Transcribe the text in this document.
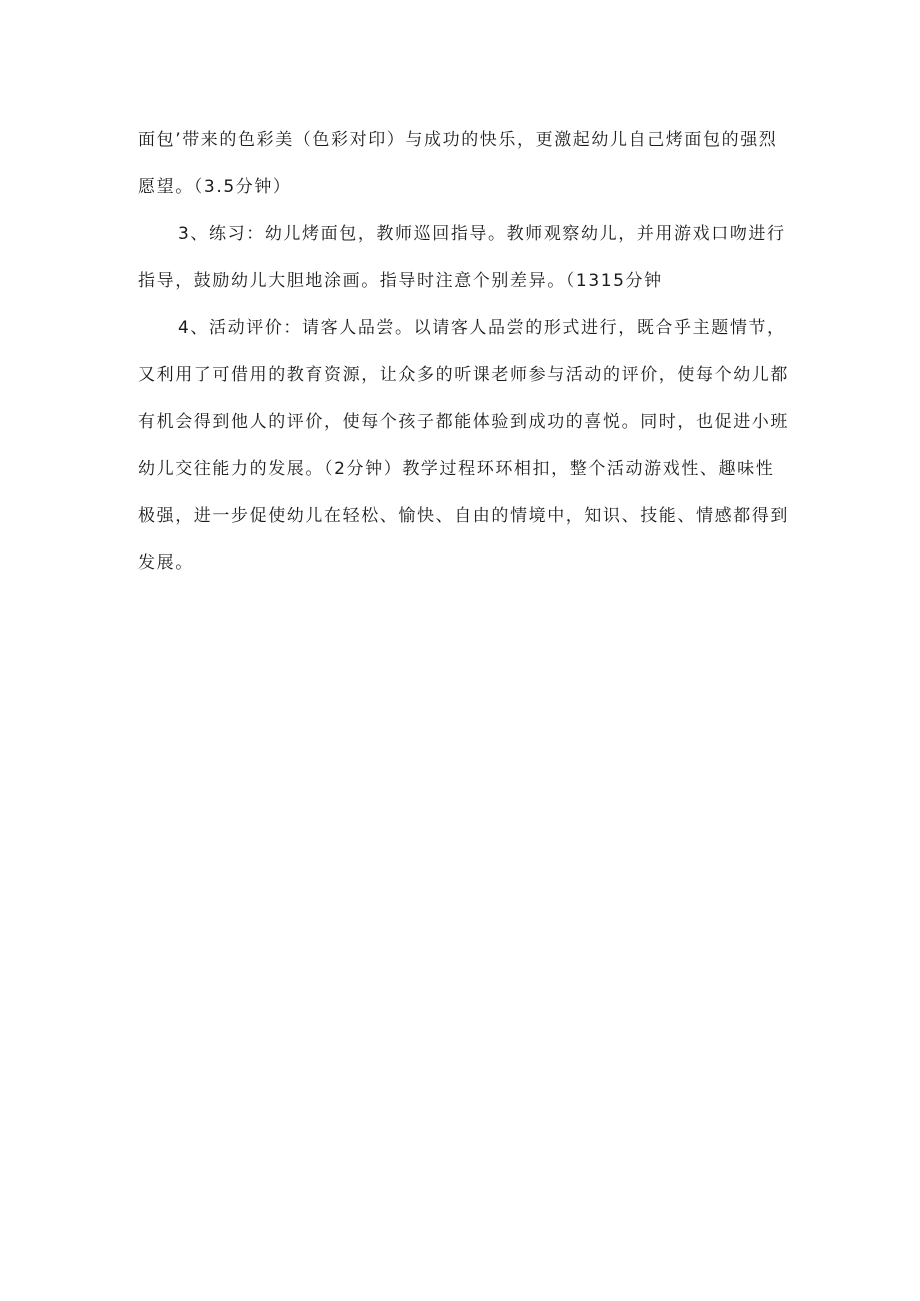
面包’带来的色彩美（色彩对印）与成功的快乐，更激起幼儿自己烤面包的强烈

愿望。（3.5分钟）

3、练习：幼儿烤面包，教师巡回指导。教师观察幼儿，并用游戏口吻进行

指导，鼓励幼儿大胆地涂画。指导时注意个别差异。（1315分钟

4、活动评价：请客人品尝。以请客人品尝的形式进行，既合乎主题情节，

又利用了可借用的教育资源，让众多的听课老师参与活动的评价，使每个幼儿都

有机会得到他人的评价，使每个孩子都能体验到成功的喜悦。同时，也促进小班

幼儿交往能力的发展。（2分钟）教学过程环环相扣，整个活动游戏性、趣味性

极强，进一步促使幼儿在轻松、愉快、自由的情境中，知识、技能、情感都得到

发展。
